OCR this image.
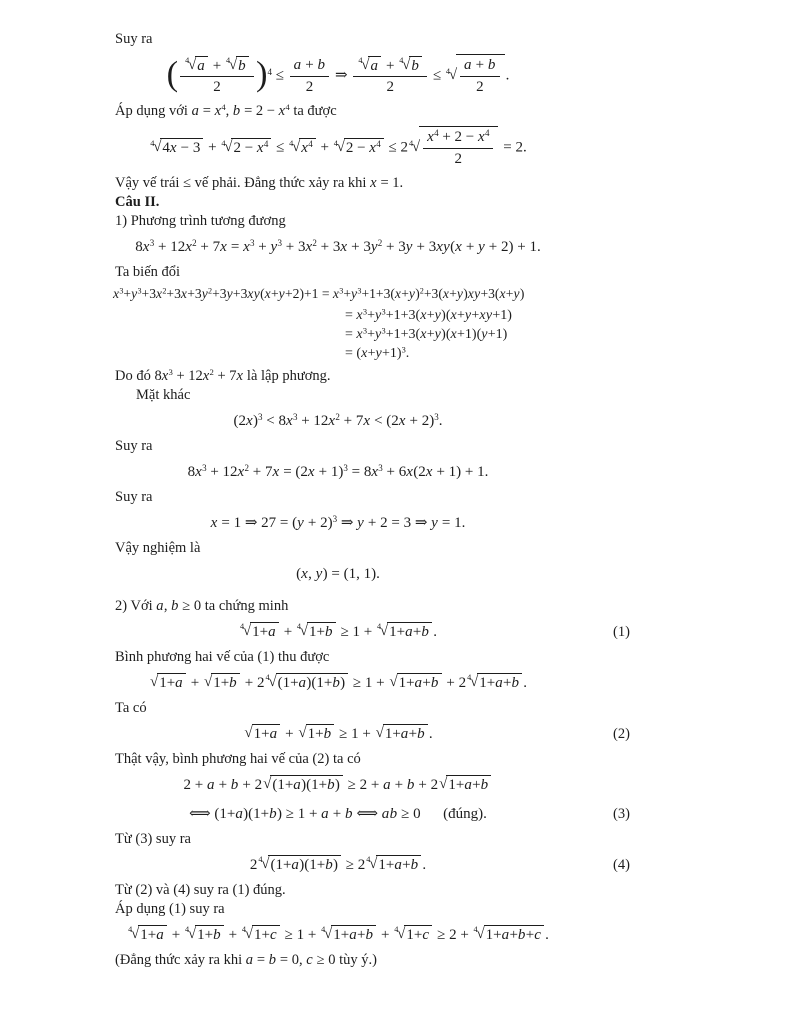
Suy ra
( $\frac{^4√a + ^4√b}{2} )^4 \le \frac{a + b}{2}$ ⇒ $\frac{^4√a + ^4√b}{2} \le ^4√ \frac{a + b}{2}$ .
Áp dụng với $a = x^4$, $b = 2 - x^4$ ta được
$^4√4x - 3 + ^4√2 - x^4 \le ^4√x^4 + ^4√2 - x^4 \le 2^4√ \frac{x^4 + 2 - x^4}{2} = 2$.
Vậy vế trái ≤ vế phải. Đẳng thức xảy ra khi x = 1.
Câu II.
1) Phương trình tương đương
$8x^3 + 12x^2 + 7x = x^3 + y^3 + 3x^2 + 3x + 3y^2 + 3y + 3xy(x + y + 2) + 1$.
Ta biến đổi
$x^3+y^3+3x^2+3x+3y^2+3y+3xy(x+y+2)+1 = x^3+y^3+1+3(x+y)^2+3(x+y)xy+3(x+y)$
= $x^3+y^3+1+3(x+y)(x+y+xy+1)$
= $x^3+y^3+1+3(x+y)(x+1)(y+1)$
= $(x+y+1)^3$.
Do đó $8x^3 + 12x^2 + 7x$ là lập phương.
Mặt khác
$(2x)^3 < 8x^3 + 12x^2 + 7x < (2x + 2)^3$.
Suy ra
$8x^3 + 12x^2 + 7x = (2x + 1)^3 = 8x^3 + 6x(2x + 1) + 1$.
Suy ra
x = 1 ⇒ $27 = (y + 2)^3$ ⇒ y + 2 = 3 ⇒ y = 1.
Vậy nghiệm là
(x, y) = (1, 1).
2) Với a, b ≥ 0 ta chứng minh
$^4$√1+a + $^4$√1+b ≥ 1 + $^4$√1+a+b .	(1)
Bình phương hai vế của (1) thu được
$√1+a + √1+b + 2^4√(1+a)(1+b) \ge 1 + √1+a+b + 2^4√1+a+b$ .
Ta có
√1+a + √1+b ≥ 1 + √1+a+b .	(2)
Thật vậy, bình phương hai vế của (2) ta có
2 + a + b + 2√(1+a)(1+b) ≥ 2 + a + b + 2√1+a+b
⟺ (1+a)(1+b) ≥ 1 + a + b ⟺ ab ≥ 0   (đúng).	(3)
Từ (3) suy ra
$2^4√(1+a)(1+b) \ge 2^4√1+a+b$ .	(4)
Từ (2) và (4) suy ra (1) đúng.
Áp dụng (1) suy ra
$^4$√1+a + $^4$√1+b + $^4$√1+c ≥ 1 + $^4$√1+a+b + $^4$√1+c ≥ 2 + $^4$√1+a+b+c .
(Đẳng thức xảy ra khi a = b = 0, c ≥ 0 tùy ý.)
